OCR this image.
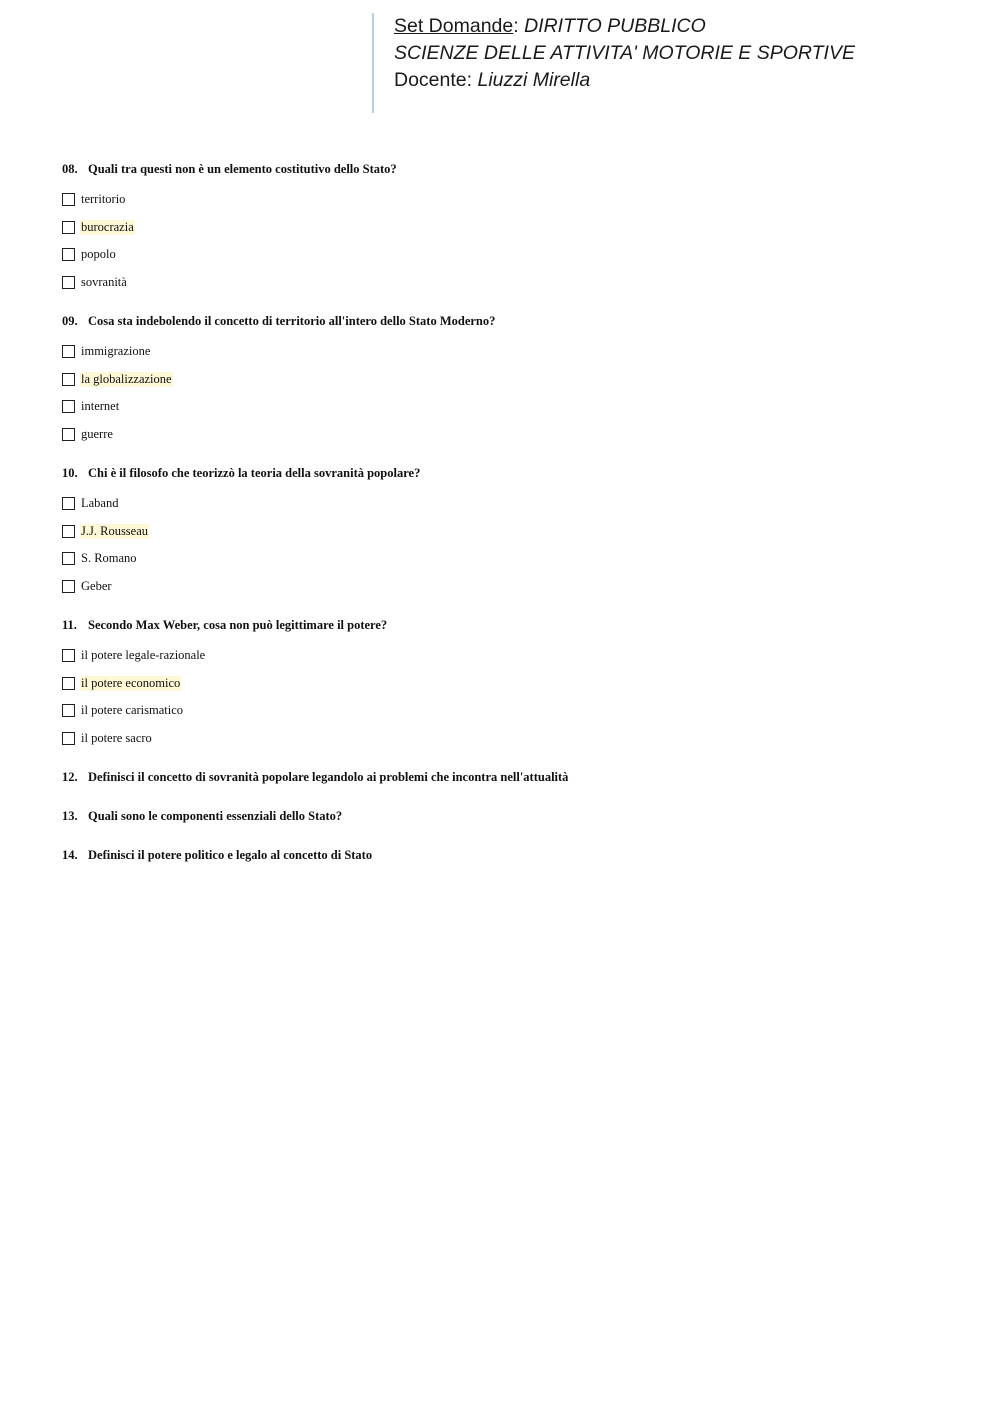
Set Domande: DIRITTO PUBBLICO
SCIENZE DELLE ATTIVITA' MOTORIE E SPORTIVE
Docente: Liuzzi Mirella
08. Quali tra questi non è un elemento costitutivo dello Stato?
territorio
burocrazia
popolo
sovranità
09. Cosa sta indebolendo il concetto di territorio all'intero dello Stato Moderno?
immigrazione
la globalizzazione
internet
guerre
10. Chi è il filosofo che teorizzò la teoria della sovranità popolare?
Laband
J.J. Rousseau
S. Romano
Geber
11. Secondo Max Weber, cosa non può legittimare il potere?
il potere legale-razionale
il potere economico
il potere carismatico
il potere sacro
12. Definisci il concetto di sovranità popolare legandolo ai problemi che incontra nell'attualità
13. Quali sono le componenti essenziali dello Stato?
14. Definisci il potere politico e legalo al concetto di Stato
